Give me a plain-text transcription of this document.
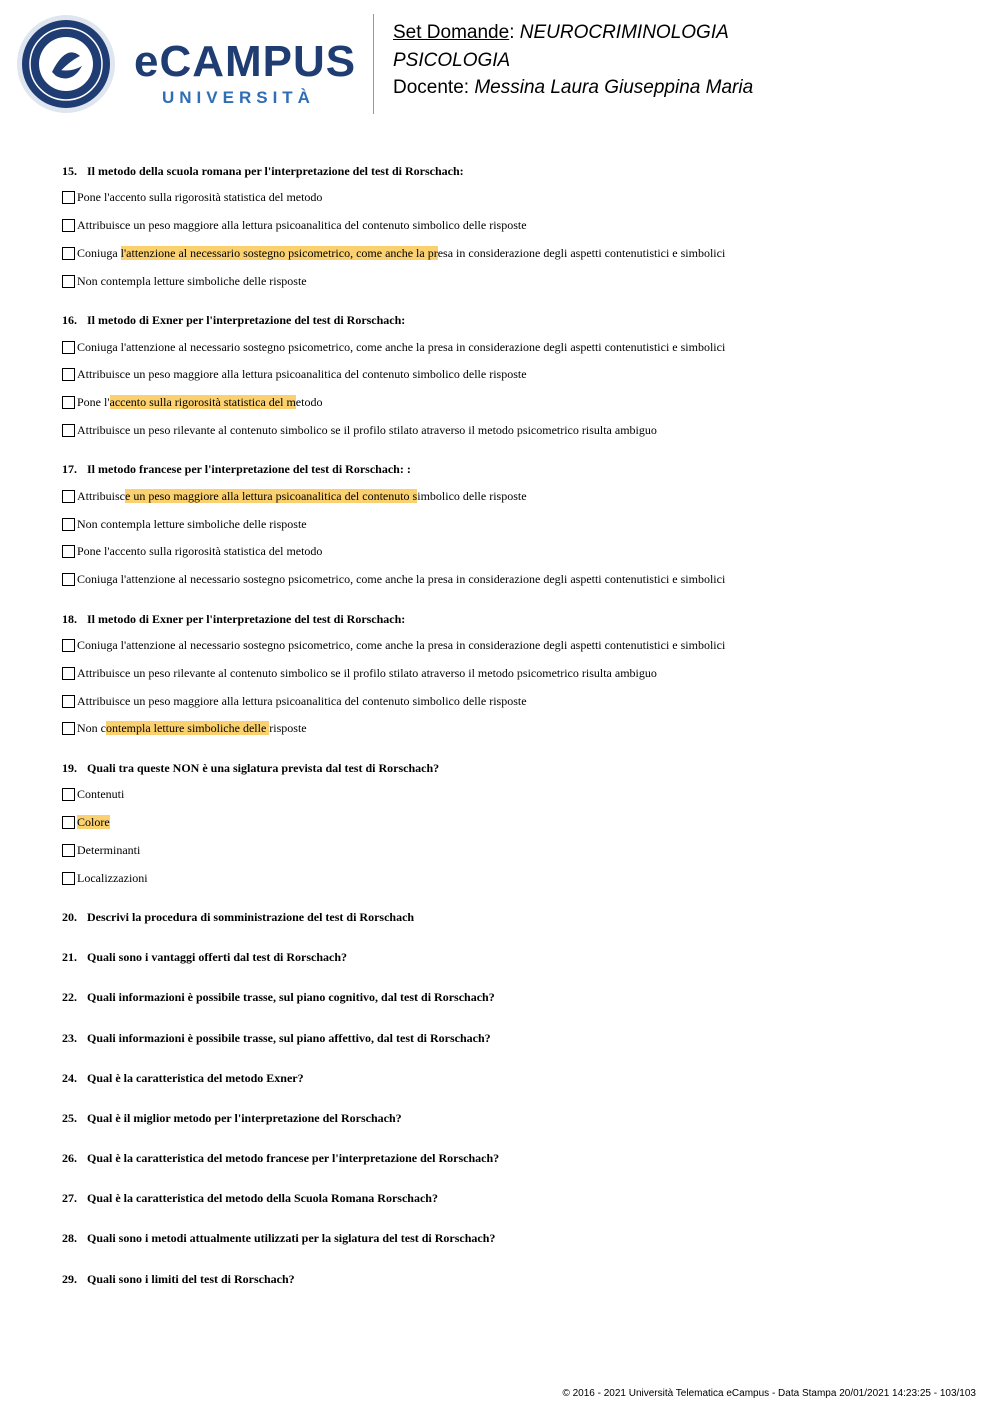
eCAMPUS
UNIVERSITÀ
Set Domande: NEUROCRIMINOLOGIA
PSICOLOGIA
Docente: Messina Laura Giuseppina Maria
15. Il metodo della scuola romana per l'interpretazione del test di Rorschach:
Pone l'accento sulla rigorosità statistica del metodo
Attribuisce un peso maggiore alla lettura psicoanalitica del contenuto simbolico delle risposte
Coniuga l'attenzione al necessario sostegno psicometrico, come anche la presa in considerazione degli aspetti contenutistici e simbolici
Non contempla letture simboliche delle risposte
16. Il metodo di Exner per l'interpretazione del test di Rorschach:
Coniuga l'attenzione al necessario sostegno psicometrico, come anche la presa in considerazione degli aspetti contenutistici e simbolici
Attribuisce un peso maggiore alla lettura psicoanalitica del contenuto simbolico delle risposte
Pone l'accento sulla rigorosità statistica del metodo
Attribuisce un peso rilevante al contenuto simbolico se il profilo stilato atraverso il metodo psicometrico risulta ambiguo
17. Il metodo francese per l'interpretazione del test di Rorschach: :
Attribuisce un peso maggiore alla lettura psicoanalitica del contenuto simbolico delle risposte
Non contempla letture simboliche delle risposte
Pone l'accento sulla rigorosità statistica del metodo
Coniuga l'attenzione al necessario sostegno psicometrico, come anche la presa in considerazione degli aspetti contenutistici e simbolici
18. Il metodo di Exner per l'interpretazione del test di Rorschach:
Coniuga l'attenzione al necessario sostegno psicometrico, come anche la presa in considerazione degli aspetti contenutistici e simbolici
Attribuisce un peso rilevante al contenuto simbolico se il profilo stilato atraverso il metodo psicometrico risulta ambiguo
Attribuisce un peso maggiore alla lettura psicoanalitica del contenuto simbolico delle risposte
Non contempla letture simboliche delle risposte
19. Quali tra queste NON è una siglatura prevista dal test di Rorschach?
Contenuti
Colore
Determinanti
Localizzazioni
20. Descrivi la procedura di somministrazione del test di Rorschach
21. Quali sono i vantaggi offerti dal test di Rorschach?
22. Quali informazioni è possibile trasse, sul piano cognitivo, dal test di Rorschach?
23. Quali informazioni è possibile trasse, sul piano affettivo, dal test di Rorschach?
24. Qual è la caratteristica del metodo Exner?
25. Qual è il miglior metodo per l'interpretazione del Rorschach?
26. Qual è la caratteristica del metodo francese per l'interpretazione del Rorschach?
27. Qual è la caratteristica del metodo della Scuola Romana Rorschach?
28. Quali sono i metodi attualmente utilizzati per la siglatura del test di Rorschach?
29. Quali sono i limiti del test di Rorschach?
© 2016 - 2021 Università Telematica eCampus - Data Stampa 20/01/2021 14:23:25 - 103/103
